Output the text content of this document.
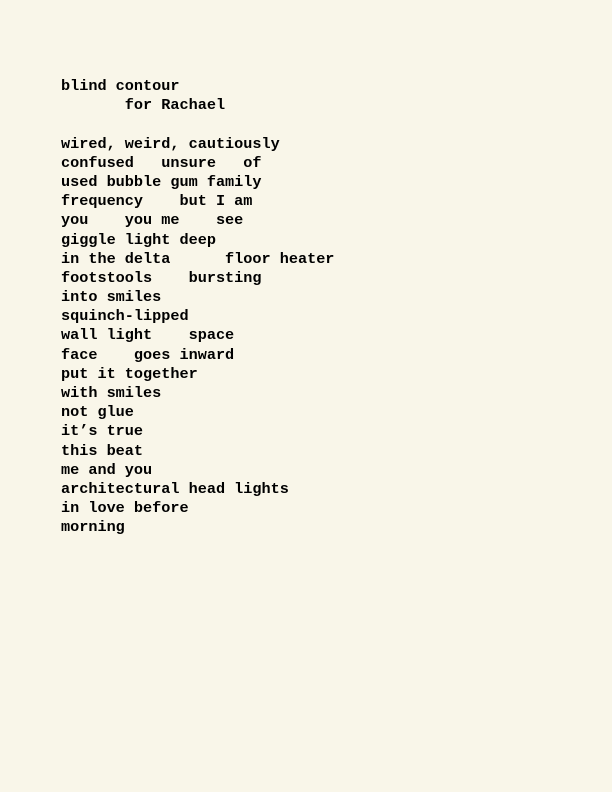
blind contour
for Rachael
wired, weird, cautiously
confused   unsure   of
used bubble gum family
frequency    but I am
you    you me    see
giggle light deep
in the delta      floor heater
footstools    bursting
into smiles
squinch-lipped
wall light    space
face    goes inward
put it together
with smiles
not glue
it’s true
this beat
me and you
architectural head lights
in love before
morning
